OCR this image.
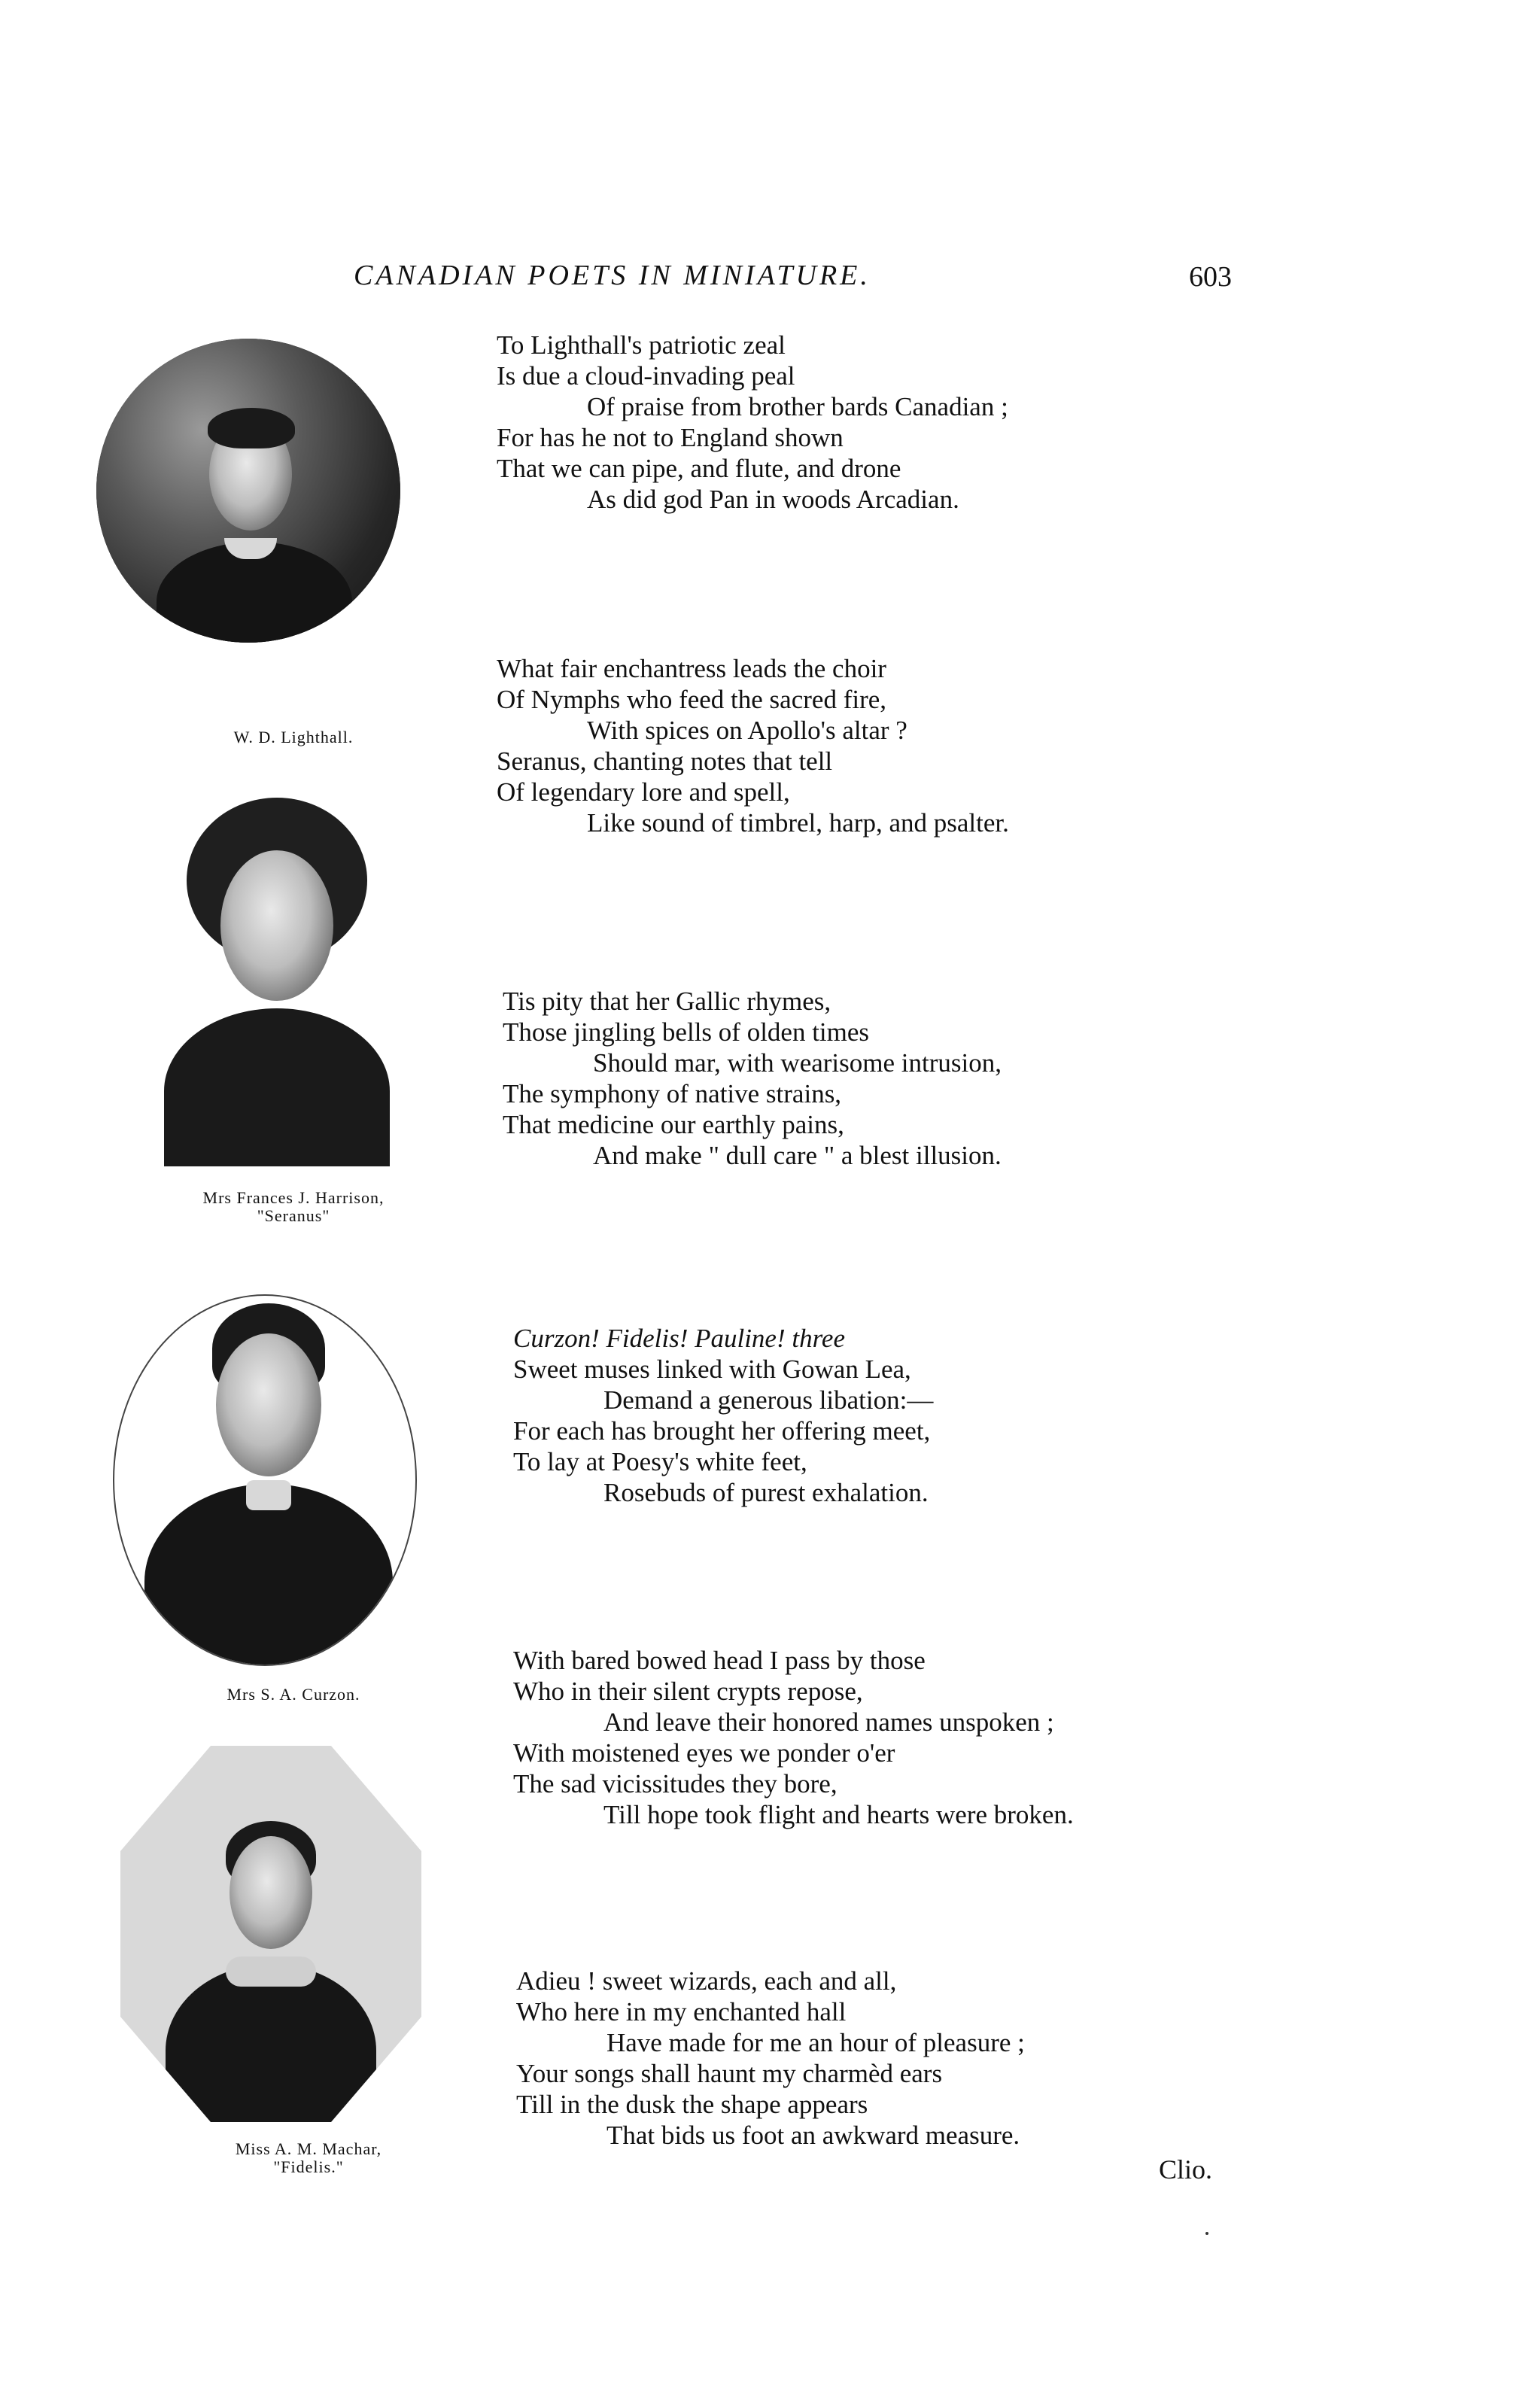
CANADIAN POETS IN MINIATURE.	603
W. D. Lighthall.
Mrs Frances J. Harrison,
"Seranus"
Mrs S. A. Curzon.
Miss A. M. Machar,
"Fidelis."
To Lighthall's patriotic zeal
Is due a cloud-invading peal
Of praise from brother bards Canadian ;
For has he not to England shown
That we can pipe, and flute, and drone
As did god Pan in woods Arcadian.
What fair enchantress leads the choir
Of Nymphs who feed the sacred fire,
With spices on Apollo's altar ?
Seranus, chanting notes that tell
Of legendary lore and spell,
Like sound of timbrel, harp, and psalter.
Tis pity that her Gallic rhymes,
Those jingling bells of olden times
Should mar, with wearisome intrusion,
The symphony of native strains,
That medicine our earthly pains,
And make " dull care " a blest illusion.
Curzon! Fidelis! Pauline! three
Sweet muses linked with Gowan Lea,
Demand a generous libation:—
For each has brought her offering meet,
To lay at Poesy's white feet,
Rosebuds of purest exhalation.
With bared bowed head I pass by those
Who in their silent crypts repose,
And leave their honored names unspoken ;
With moistened eyes we ponder o'er
The sad vicissitudes they bore,
Till hope took flight and hearts were broken.
Adieu ! sweet wizards, each and all,
Who here in my enchanted hall
Have made for me an hour of pleasure ;
Your songs shall haunt my charmèd ears
Till in the dusk the shape appears
That bids us foot an awkward measure.
Clio.
